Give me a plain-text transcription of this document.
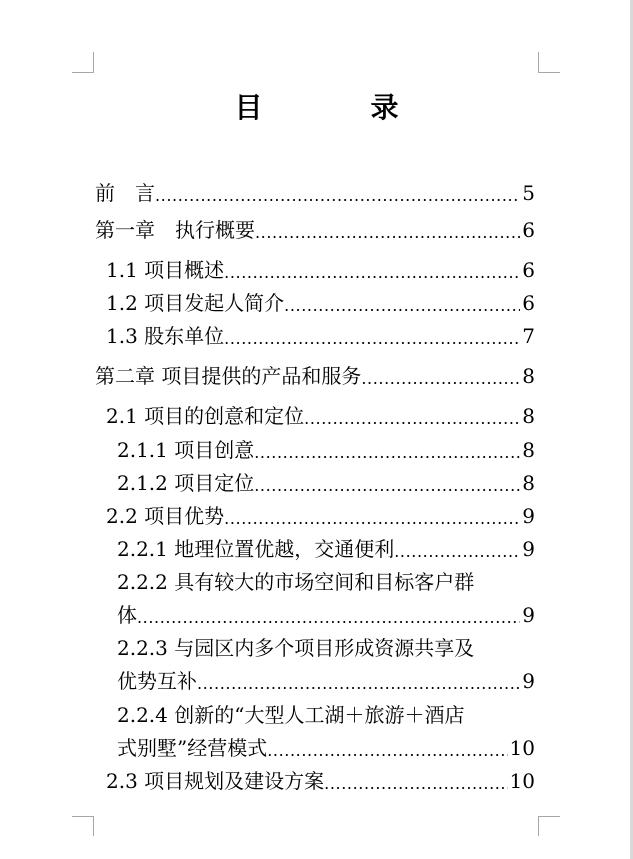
目　录
前　言 .....	5
第一章　执行概要 .....	6
1.1 项目概述 .....	6
1.2 项目发起人简介 .....	6
1.3 股东单位 .....	7
第二章 项目提供的产品和服务 .....	8
2.1 项目的创意和定位 .....	8
2.1.1 项目创意 .....	8
2.1.2 项目定位 .....	8
2.2 项目优势 .....	9
2.2.1 地理位置优越，交通便利 .....	9
2.2.2 具有较大的市场空间和目标客户群
体 .....	9
2.2.3 与园区内多个项目形成资源共享及
优势互补 .....	9
2.2.4 创新的“大型人工湖＋旅游＋酒店
式别墅”经营模式 .....	10
2.3 项目规划及建设方案 .....	10
